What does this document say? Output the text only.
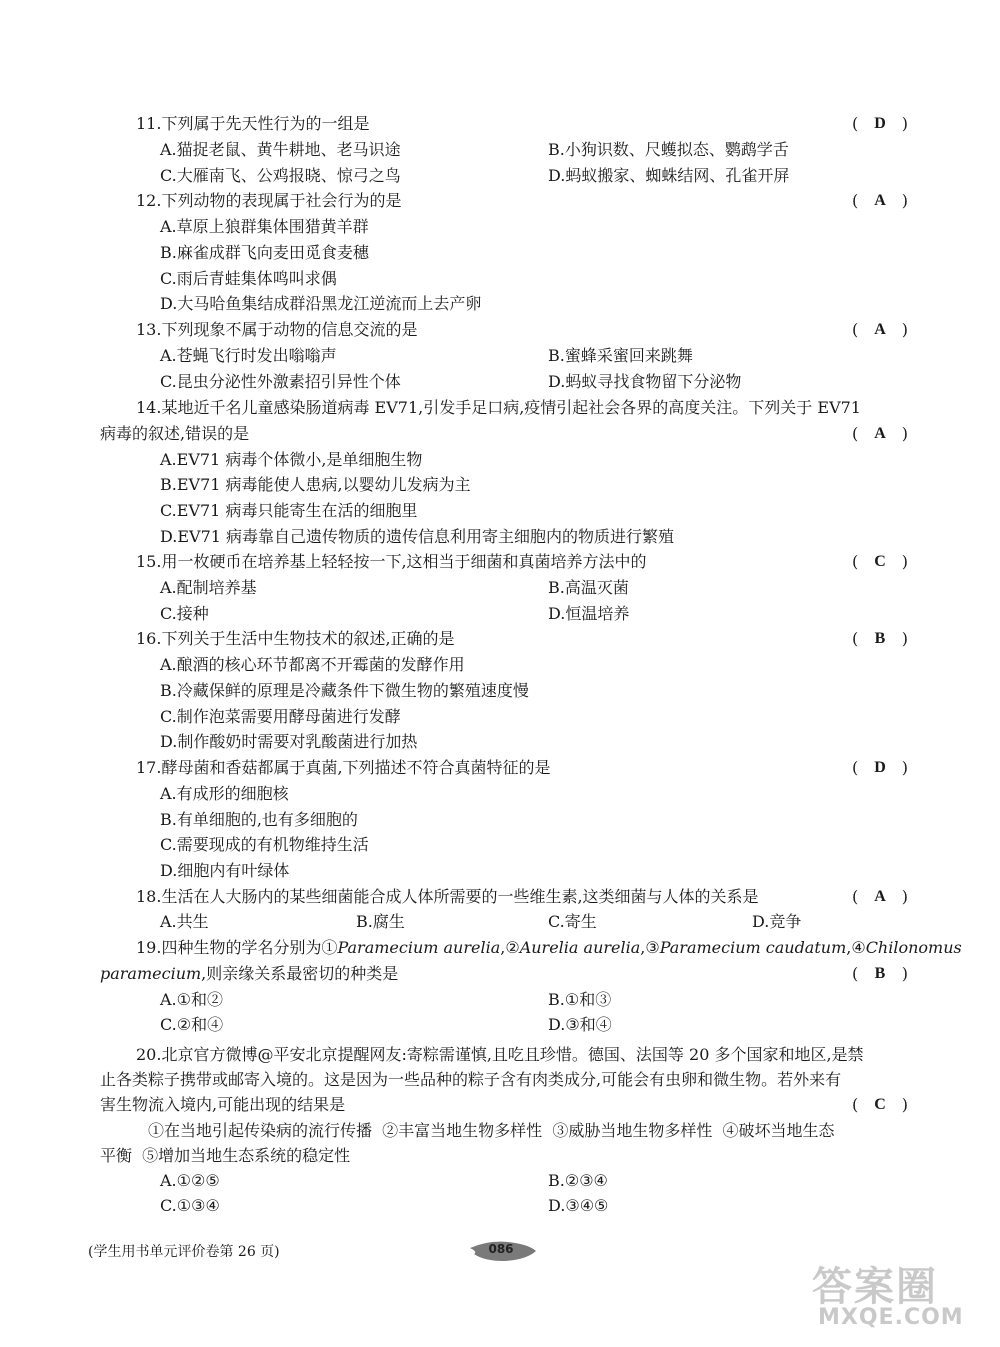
11.下列属于先天性行为的一组是	( D )
A.猫捉老鼠、黄牛耕地、老马识途	B.小狗识数、尺蠖拟态、鹦鹉学舌
C.大雁南飞、公鸡报晓、惊弓之鸟	D.蚂蚁搬家、蜘蛛结网、孔雀开屏
12.下列动物的表现属于社会行为的是	( A )
A.草原上狼群集体围猎黄羊群
B.麻雀成群飞向麦田觅食麦穗
C.雨后青蛙集体鸣叫求偶
D.大马哈鱼集结成群沿黑龙江逆流而上去产卵
13.下列现象不属于动物的信息交流的是	( A )
A.苍蝇飞行时发出嗡嗡声	B.蜜蜂采蜜回来跳舞
C.昆虫分泌性外激素招引异性个体	D.蚂蚁寻找食物留下分泌物
14.某地近千名儿童感染肠道病毒 EV71,引发手足口病,疫情引起社会各界的高度关注。下列关于 EV71
病毒的叙述,错误的是	( A )
A.EV71 病毒个体微小,是单细胞生物
B.EV71 病毒能使人患病,以婴幼儿发病为主
C.EV71 病毒只能寄生在活的细胞里
D.EV71 病毒靠自己遗传物质的遗传信息利用寄主细胞内的物质进行繁殖
15.用一枚硬币在培养基上轻轻按一下,这相当于细菌和真菌培养方法中的	( C )
A.配制培养基	B.高温灭菌
C.接种	D.恒温培养
16.下列关于生活中生物技术的叙述,正确的是	( B )
A.酿酒的核心环节都离不开霉菌的发酵作用
B.冷藏保鲜的原理是冷藏条件下微生物的繁殖速度慢
C.制作泡菜需要用酵母菌进行发酵
D.制作酸奶时需要对乳酸菌进行加热
17.酵母菌和香菇都属于真菌,下列描述不符合真菌特征的是	( D )
A.有成形的细胞核
B.有单细胞的,也有多细胞的
C.需要现成的有机物维持生活
D.细胞内有叶绿体
18.生活在人大肠内的某些细菌能合成人体所需要的一些维生素,这类细菌与人体的关系是	( A )
A.共生	B.腐生	C.寄生	D.竞争
19.四种生物的学名分别为①Paramecium aurelia,②Aurelia aurelia,③Paramecium caudatum,④Chilonomus
paramecium,则亲缘关系最密切的种类是	( B )
A.①和②	B.①和③
C.②和④	D.③和④
20.北京官方微博@平安北京提醒网友:寄粽需谨慎,且吃且珍惜。德国、法国等 20 多个国家和地区,是禁
止各类粽子携带或邮寄入境的。这是因为一些品种的粽子含有肉类成分,可能会有虫卵和微生物。若外来有
害生物流入境内,可能出现的结果是	( C )
①在当地引起传染病的流行传播  ②丰富当地生物多样性  ③威胁当地生物多样性  ④破坏当地生态
平衡  ⑤增加当地生态系统的稳定性
A.①②⑤	B.②③④
C.①③④	D.③④⑤
(学生用书单元评价卷第 26 页)	086
答案圈
MXQE.COM
